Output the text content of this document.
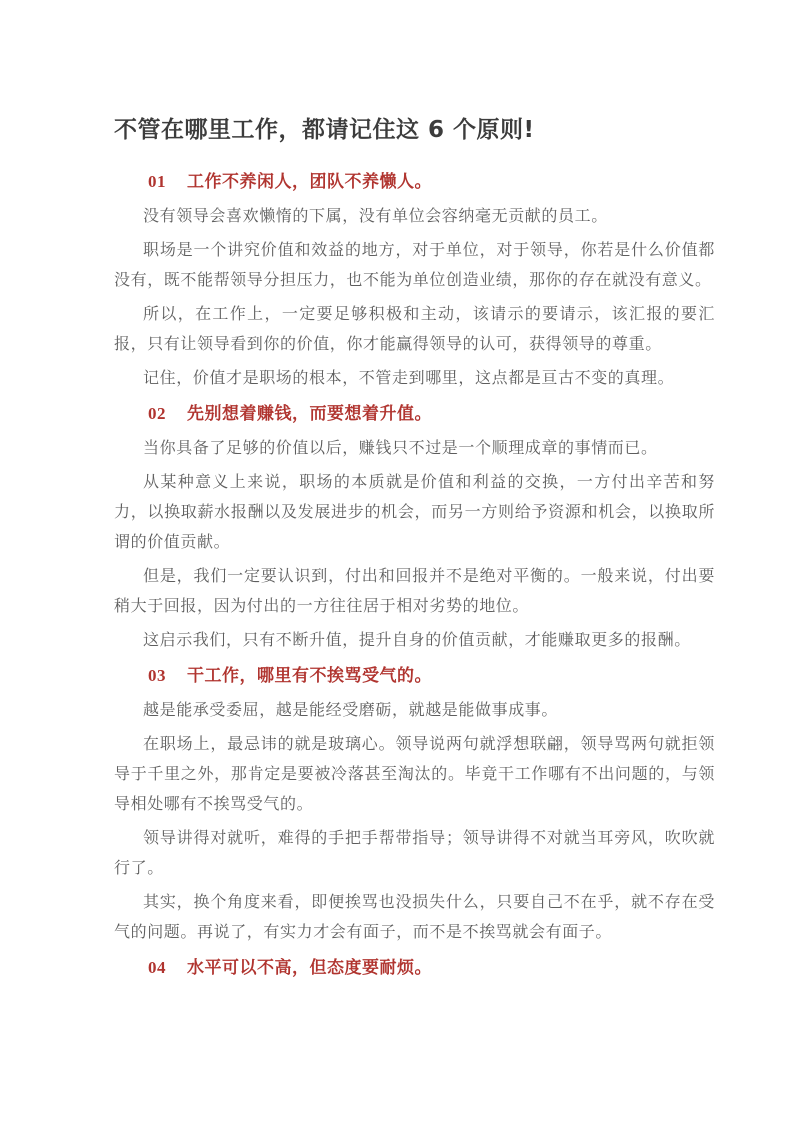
不管在哪里工作，都请记住这 6 个原则!
01 工作不养闲人，团队不养懒人。

没有领导会喜欢懒惰的下属，没有单位会容纳毫无贡献的员工。

职场是一个讲究价值和效益的地方，对于单位，对于领导，你若是什么价值都没有，既不能帮领导分担压力，也不能为单位创造业绩，那你的存在就没有意义。

所以，在工作上，一定要足够积极和主动，该请示的要请示，该汇报的要汇报，只有让领导看到你的价值，你才能赢得领导的认可，获得领导的尊重。

记住，价值才是职场的根本，不管走到哪里，这点都是亘古不变的真理。

02 先别想着赚钱，而要想着升值。

当你具备了足够的价值以后，赚钱只不过是一个顺理成章的事情而已。

从某种意义上来说，职场的本质就是价值和利益的交换，一方付出辛苦和努力，以换取薪水报酬以及发展进步的机会，而另一方则给予资源和机会，以换取所谓的价值贡献。

但是，我们一定要认识到，付出和回报并不是绝对平衡的。一般来说，付出要稍大于回报，因为付出的一方往往居于相对劣势的地位。

这启示我们，只有不断升值，提升自身的价值贡献，才能赚取更多的报酬。

03 干工作，哪里有不挨骂受气的。

越是能承受委屈，越是能经受磨砺，就越是能做事成事。

在职场上，最忌讳的就是玻璃心。领导说两句就浮想联翩，领导骂两句就拒领导于千里之外，那肯定是要被冷落甚至淘汰的。毕竟干工作哪有不出问题的，与领导相处哪有不挨骂受气的。

领导讲得对就听，难得的手把手帮带指导；领导讲得不对就当耳旁风，吹吹就行了。

其实，换个角度来看，即便挨骂也没损失什么，只要自己不在乎，就不存在受气的问题。再说了，有实力才会有面子，而不是不挨骂就会有面子。

04 水平可以不高，但态度要耐烦。
